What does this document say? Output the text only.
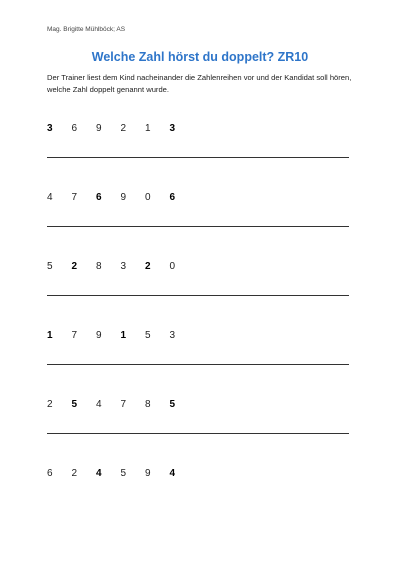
Mag. Brigitte Mühlböck; AS
Welche Zahl hörst du doppelt? ZR10
Der Trainer liest dem Kind nacheinander die Zahlenreihen vor und der Kandidat soll hören, welche Zahl doppelt genannt wurde.
3	6	9	2	1	3
4	7	6	9	0	6
5	2	8	3	2	0
1	7	9	1	5	3
2	5	4	7	8	5
6	2	4	5	9	4
